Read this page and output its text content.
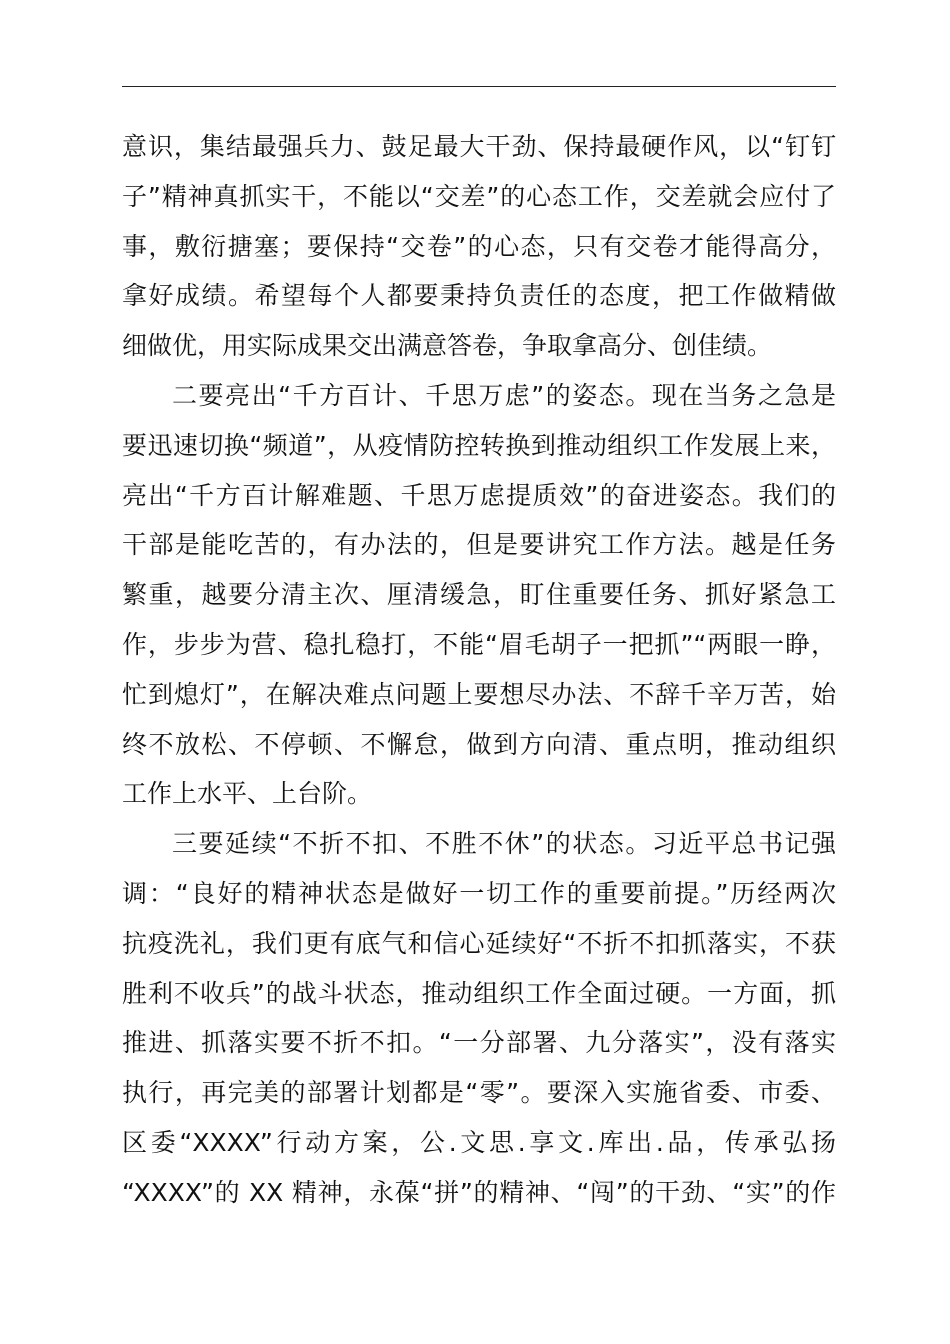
意识，集结最强兵力、鼓足最大干劲、保持最硬作风，以“钉钉
子”精神真抓实干，不能以“交差”的心态工作，交差就会应付了
事，敷衍搪塞；要保持“交卷”的心态，只有交卷才能得高分，
拿好成绩。希望每个人都要秉持负责任的态度，把工作做精做
细做优，用实际成果交出满意答卷，争取拿高分、创佳绩。
二要亮出“千方百计、千思万虑”的姿态。现在当务之急是
要迅速切换“频道”，从疫情防控转换到推动组织工作发展上来，
亮出“千方百计解难题、千思万虑提质效”的奋进姿态。我们的
干部是能吃苦的，有办法的，但是要讲究工作方法。越是任务
繁重，越要分清主次、厘清缓急，盯住重要任务、抓好紧急工
作，步步为营、稳扎稳打，不能“眉毛胡子一把抓”“两眼一睁，
忙到熄灯”，在解决难点问题上要想尽办法、不辞千辛万苦，始
终不放松、不停顿、不懈怠，做到方向清、重点明，推动组织
工作上水平、上台阶。
三要延续“不折不扣、不胜不休”的状态。习近平总书记强
调：“良好的精神状态是做好一切工作的重要前提。”历经两次
抗疫洗礼，我们更有底气和信心延续好“不折不扣抓落实，不获
胜利不收兵”的战斗状态，推动组织工作全面过硬。一方面，抓
推进、抓落实要不折不扣。“一分部署、九分落实”，没有落实
执行，再完美的部署计划都是“零”。要深入实施省委、市委、
区委“XXXX”行动方案，公.文思.享文.库出.品，传承弘扬
“XXXX”的 XX 精神，永葆“拼”的精神、“闯”的干劲、“实”的作
